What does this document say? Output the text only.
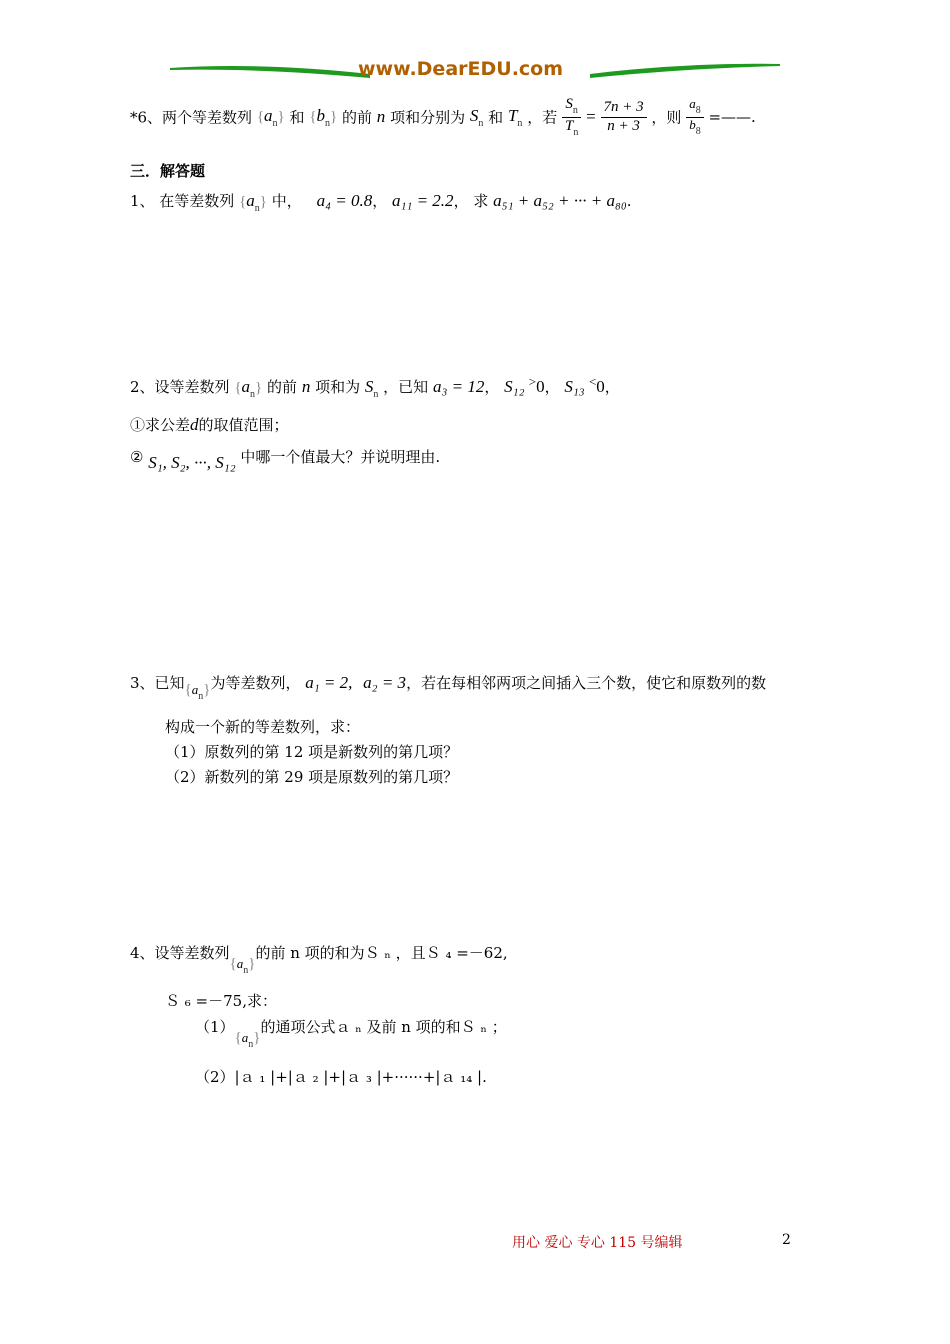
www.DearEDU.com
*6、两个等差数列 $\{a_n\}$ 和 $\{b_n\}$ 的前 n 项和分别为 $S_n$ 和 $T_n$ ，若 $\frac{S_n}{T_n} = \frac{7n + 3}{n + 3}$ ，则 $\frac{a_8}{b_8}$ =——.
三．解答题
1、 在等差数列 $\{a_n\}$ 中， a₄ = 0.8， a₁₁ = 2.2， 求 a₅₁ + a₅₂ + ··· + a₈₀.
2、设等差数列 $\{a_n\}$ 的前 n 项和为 $S_n$ ，已知 a₃ = 12， S₁₂ >0， S₁₃ <0，
①求公差d的取值范围；
② S₁, S₂, ···, S₁₂ 中哪一个值最大？并说明理由.
3、已知$\{a_n\}$为等差数列， a₁ = 2, a₂ = 3，若在每相邻两项之间插入三个数，使它和原数列的数
构成一个新的等差数列，求：
（1）原数列的第 12 项是新数列的第几项？
（2）新数列的第 29 项是原数列的第几项？
4、设等差数列$\{a_n\}$的前 n 项的和为Ｓ ₙ ，且Ｓ ₄ =－62,
Ｓ ₆ =－75,求：
$(1)\{a_n\}$的通项公式ａ ₙ 及前 n 项的和Ｓ ₙ ；
（2）|ａ ₁ |+|ａ ₂ |+|ａ ₃ |+······+|ａ ₁₄ |.
用心 爱心 专心 115 号编辑	2
